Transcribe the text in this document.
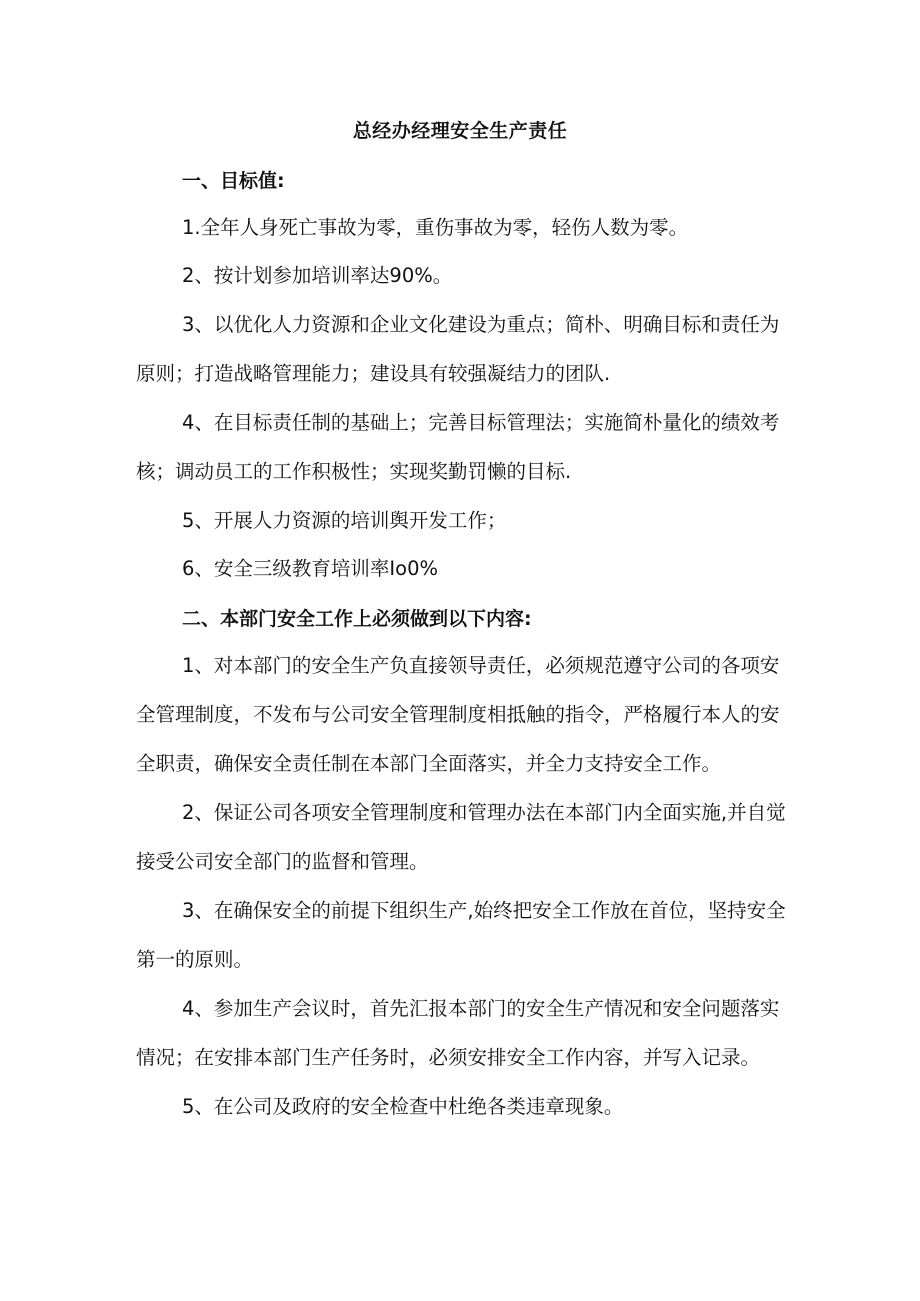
总经办经理安全生产责任
一、目标值:

1.全年人身死亡事故为零，重伤事故为零，轻伤人数为零。

2、按计划参加培训率达90%。

3、以优化人力资源和企业文化建设为重点；简朴、明确目标和责任为原则；打造战略管理能力；建设具有较强凝结力的团队.

4、在目标责任制的基础上；完善目标管理法；实施简朴量化的绩效考核；调动员工的工作积极性；实现奖勤罚懒的目标.

5、开展人力资源的培训舆开发工作；

6、安全三级教育培训率Io0%

二、本部门安全工作上必须做到以下内容:

1、对本部门的安全生产负直接领导责任，必须规范遵守公司的各项安全管理制度，不发布与公司安全管理制度相抵触的指令，严格履行本人的安全职责，确保安全责任制在本部门全面落实，并全力支持安全工作。

2、保证公司各项安全管理制度和管理办法在本部门内全面实施,并自觉接受公司安全部门的监督和管理。

3、在确保安全的前提下组织生产,始终把安全工作放在首位，坚持安全第一的原则。

4、参加生产会议时，首先汇报本部门的安全生产情况和安全问题落实情况；在安排本部门生产任务时，必须安排安全工作内容，并写入记录。

5、在公司及政府的安全检查中杜绝各类违章现象。
